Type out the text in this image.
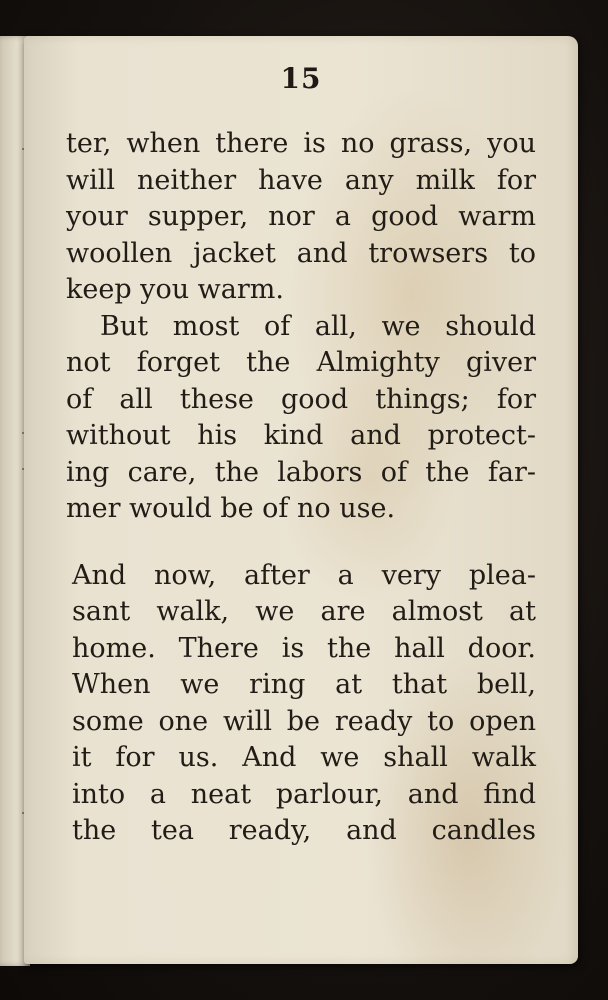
15
ter, when there is no grass, you
will neither have any milk for
your supper, nor a good warm
woollen jacket and trowsers to
keep you warm.
But most of all, we should
not forget the Almighty giver
of all these good things; for
without his kind and protect-
ing care, the labors of the far-
mer would be of no use.
And now, after a very plea-
sant walk, we are almost at
home. There is the hall door.
When we ring at that bell,
some one will be ready to open
it for us. And we shall walk
into a neat parlour, and find
the tea ready, and candles
